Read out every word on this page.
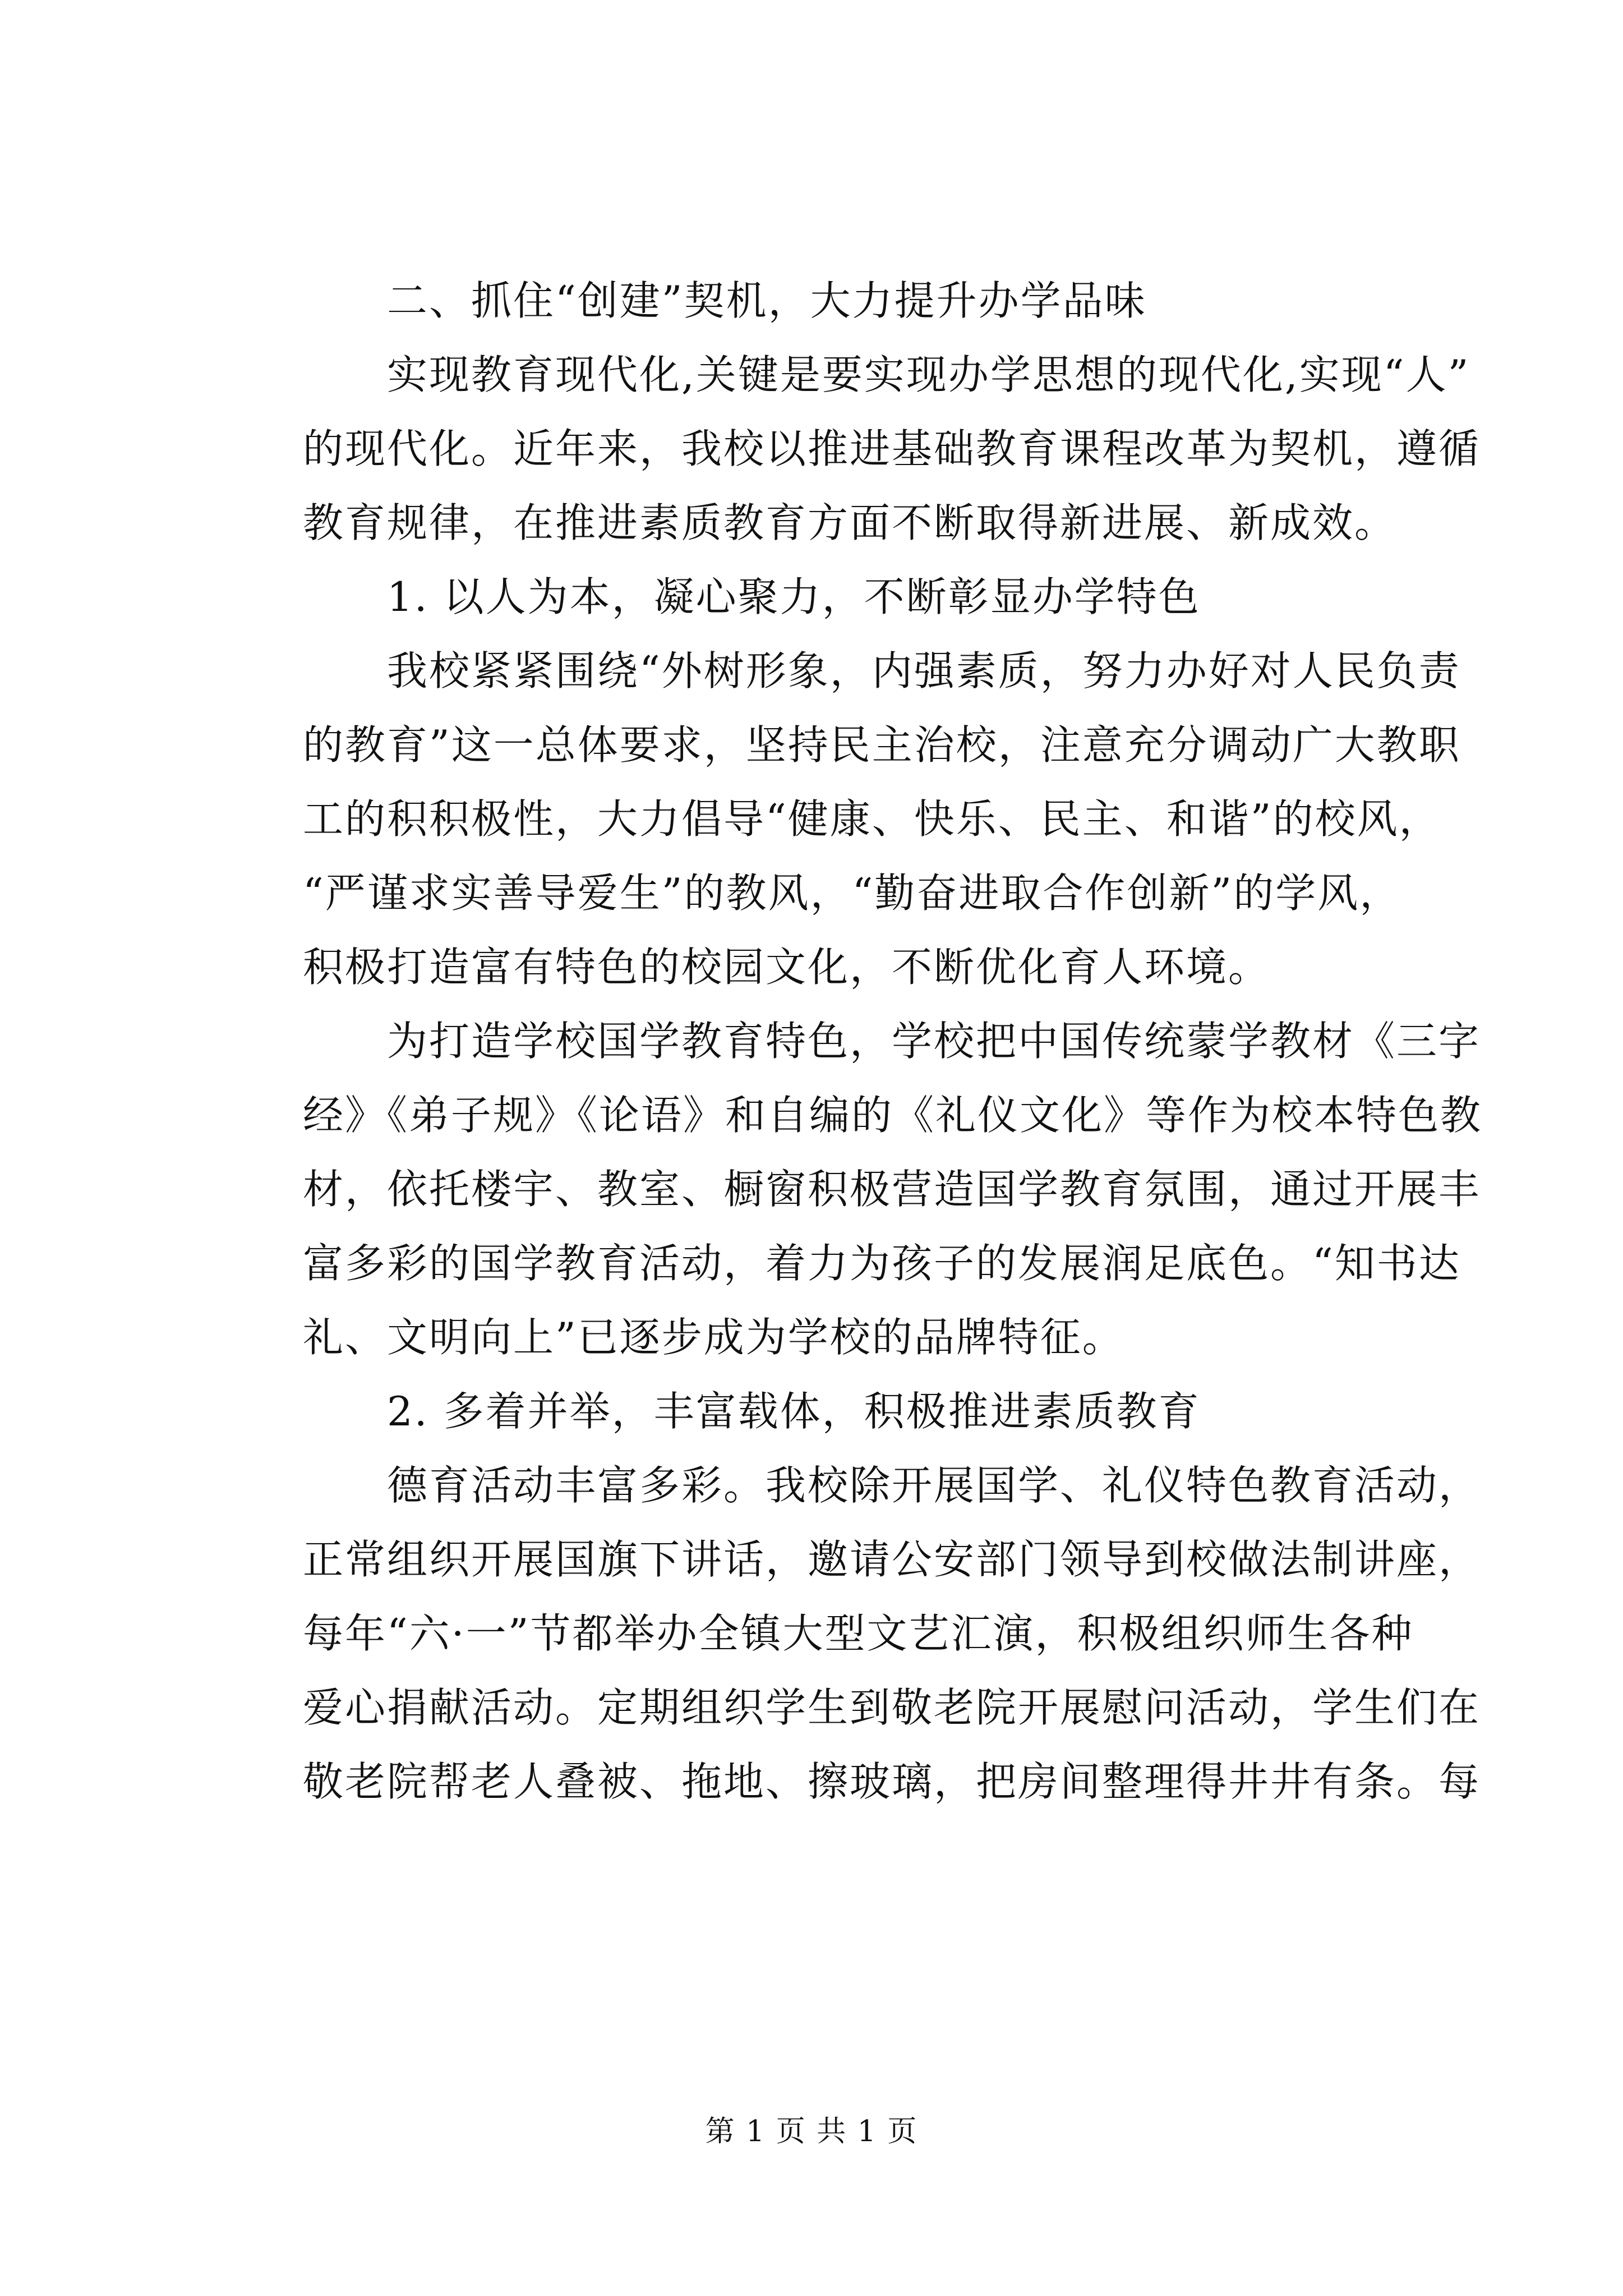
　　二、抓住“创建”契机，大力提升办学品味
　　实现教育现代化,关键是要实现办学思想的现代化,实现“人”
的现代化。近年来，我校以推进基础教育课程改革为契机，遵循
教育规律，在推进素质教育方面不断取得新进展、新成效。
　　1. 以人为本，凝心聚力，不断彰显办学特色
　　我校紧紧围绕“外树形象，内强素质，努力办好对人民负责
的教育”这一总体要求，坚持民主治校，注意充分调动广大教职
工的积积极性，大力倡导“健康、快乐、民主、和谐”的校风，
“严谨求实善导爱生”的教风，“勤奋进取合作创新”的学风，
积极打造富有特色的校园文化，不断优化育人环境。
　　为打造学校国学教育特色，学校把中国传统蒙学教材《三字
经》《弟子规》《论语》和自编的《礼仪文化》等作为校本特色教
材，依托楼宇、教室、橱窗积极营造国学教育氛围，通过开展丰
富多彩的国学教育活动，着力为孩子的发展润足底色。“知书达
礼、文明向上”已逐步成为学校的品牌特征。
　　2. 多着并举，丰富载体，积极推进素质教育
　　德育活动丰富多彩。我校除开展国学、礼仪特色教育活动，
正常组织开展国旗下讲话，邀请公安部门领导到校做法制讲座，
每年“六·一”节都举办全镇大型文艺汇演，积极组织师生各种
爱心捐献活动。定期组织学生到敬老院开展慰问活动，学生们在
敬老院帮老人叠被、拖地、擦玻璃，把房间整理得井井有条。每
第 1 页 共 1 页
